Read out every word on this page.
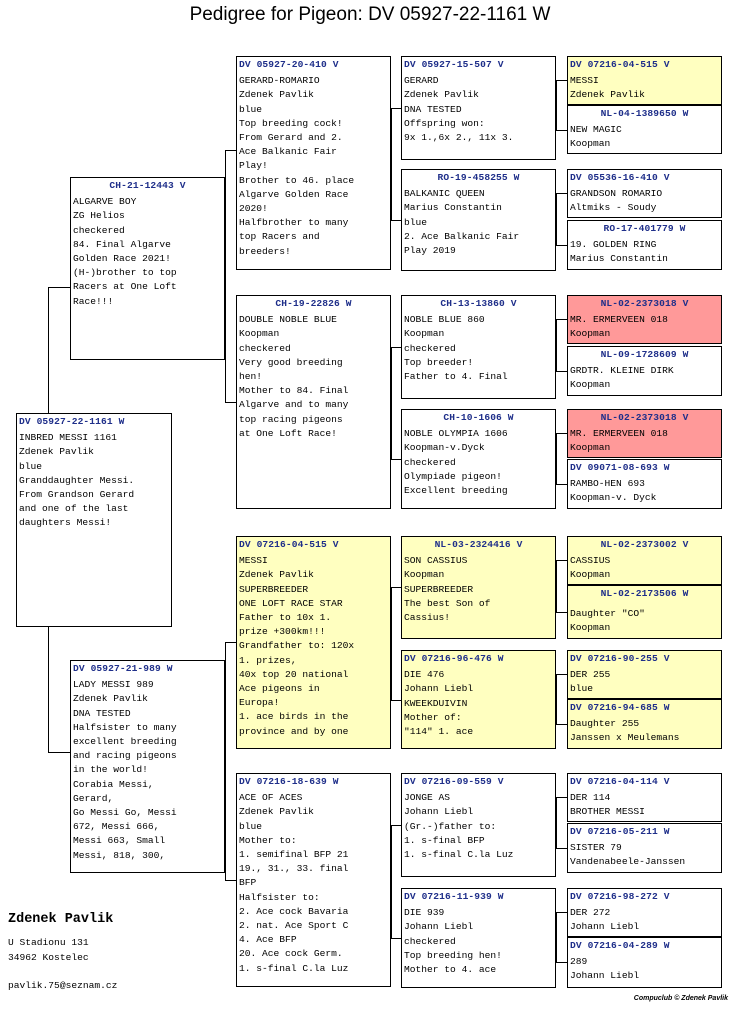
Pedigree for Pigeon: DV 05927-22-1161 W
DV 05927-22-1161 W
INBRED MESSI 1161
Zdenek Pavlik
blue
Granddaughter Messi.
From Grandson Gerard
and one of the last
daughters Messi!
CH-21-12443 V
ALGARVE BOY
ZG Helios
checkered
84. Final Algarve
Golden Race 2021!
(H-)brother to top
Racers at One Loft
Race!!!
DV 05927-21-989 W
LADY MESSI 989
Zdenek Pavlik
DNA TESTED
Halfsister to many
excellent breeding
and racing pigeons
in the world!
Corabia Messi,
Gerard,
Go Messi Go, Messi
672, Messi 666,
Messi 663, Small
Messi, 818, 300,
DV 05927-20-410 V
GERARD-ROMARIO
Zdenek Pavlik
blue
Top breeding cock!
From Gerard and 2.
Ace Balkanic Fair
Play!
Brother to 46. place
Algarve Golden Race
2020!
Halfbrother to many
top Racers and
breeders!
CH-19-22826 W
DOUBLE NOBLE BLUE
Koopman
checkered
Very good breeding
hen!
Mother to 84. Final
Algarve and to many
top racing pigeons
at One Loft Race!
DV 07216-04-515 V
MESSI
Zdenek Pavlik
SUPERBREEDER
ONE LOFT RACE STAR
Father to 10x 1.
prize +300km!!!
Grandfather to: 120x
1. prizes,
40x top 20 national
Ace pigeons in
Europa!
1. ace birds in the
province and by one
DV 07216-18-639 W
ACE OF ACES
Zdenek Pavlik
blue
Mother to:
1. semifinal BFP 21
19., 31., 33. final
BFP
Halfsister to:
2. Ace cock Bavaria
2. nat. Ace Sport C
4. Ace BFP
20. Ace cock Germ.
1. s-final C.la Luz
DV 05927-15-507 V
GERARD
Zdenek Pavlik
DNA TESTED
Offspring won:
9x 1.,6x 2., 11x 3.
RO-19-458255 W
BALKANIC QUEEN
Marius Constantin
blue
2. Ace Balkanic Fair
Play 2019
CH-13-13860 V
NOBLE BLUE 860
Koopman
checkered
Top breeder!
Father to 4. Final
CH-10-1606 W
NOBLE OLYMPIA 1606
Koopman-v.Dyck
checkered
Olympiade pigeon!
Excellent breeding
NL-03-2324416 V
SON CASSIUS
Koopman
SUPERBREEDER
The best Son of
Cassius!
DV 07216-96-476 W
DIE 476
Johann Liebl
KWEEKDUIVIN
Mother of:
"114" 1. ace
DV 07216-09-559 V
JONGE AS
Johann Liebl
(Gr.-)father to:
1. s-final BFP
1. s-final C.la Luz
DV 07216-11-939 W
DIE 939
Johann Liebl
checkered
Top breeding hen!
Mother to 4. ace
DV 07216-04-515 V
MESSI
Zdenek Pavlik
NL-04-1389650 W
NEW MAGIC
Koopman
DV 05536-16-410 V
GRANDSON ROMARIO
Altmiks - Soudy
RO-17-401779 W
19. GOLDEN RING
Marius Constantin
NL-02-2373018 V
MR. ERMERVEEN 018
Koopman
NL-09-1728609 W
GRDTR. KLEINE DIRK
Koopman
NL-02-2373018 V
MR. ERMERVEEN 018
Koopman
DV 09071-08-693 W
RAMBO-HEN 693
Koopman-v. Dyck
NL-02-2373002 V
CASSIUS
Koopman
NL-02-2173506 W
Daughter "CO"
Koopman
DV 07216-90-255 V
DER 255
blue
DV 07216-94-685 W
Daughter 255
Janssen x Meulemans
DV 07216-04-114 V
DER 114
BROTHER MESSI
DV 07216-05-211 W
SISTER 79
Vandenabeele-Janssen
DV 07216-98-272 V
DER 272
Johann Liebl
DV 07216-04-289 W
289
Johann Liebl
Zdenek Pavlik
U Stadionu 131
34962 Kostelec
pavlik.75@seznam.cz
Compuclub © Zdenek Pavlik
